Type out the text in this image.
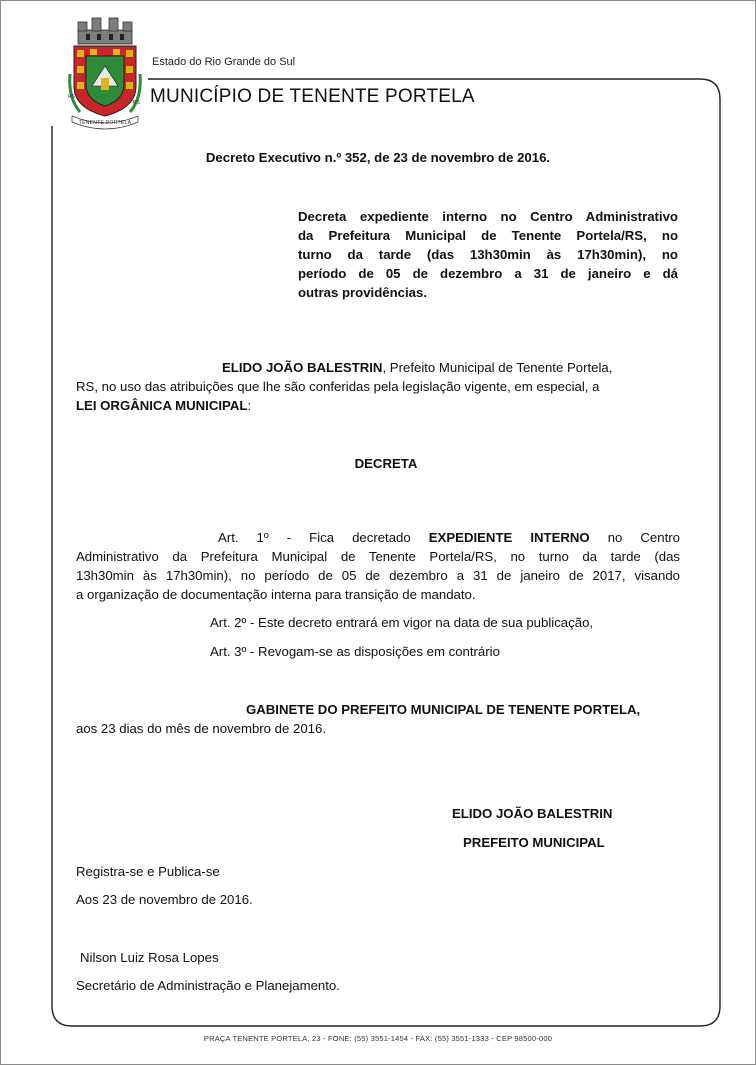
TENENTE PORTELA
RS
RS
Estado do Rio Grande do Sul
MUNICÍPIO DE TENENTE PORTELA
Decreto Executivo n.º 352, de 23 de novembro de 2016.
Decreta expediente interno no Centro Administrativo
da Prefeitura Municipal de Tenente Portela/RS, no
turno da tarde (das 13h30min às 17h30min), no
período de 05 de dezembro a 31 de janeiro e dá
outras providências.
ELIDO JOÃO BALESTRIN, Prefeito Municipal de Tenente Portela,
RS, no uso das atribuições que lhe são conferidas pela legislação vigente, em especial, a
LEI ORGÂNICA MUNICIPAL:
DECRETA
Art. 1º - Fica decretado EXPEDIENTE INTERNO no Centro
Administrativo da Prefeitura Municipal de Tenente Portela/RS, no turno da tarde (das
13h30min às 17h30min), no período de 05 de dezembro a 31 de janeiro de 2017, visando
a organização de documentação interna para transição de mandato.
Art. 2º - Este decreto entrará em vigor na data de sua publicação,
Art. 3º - Revogam-se as disposições em contrário
GABINETE DO PREFEITO MUNICIPAL DE TENENTE PORTELA,
aos 23 dias do mês de novembro de 2016.
ELIDO JOÃO BALESTRIN
PREFEITO MUNICIPAL
Registra-se e Publica-se
Aos 23 de novembro de 2016.
Nilson Luiz Rosa Lopes
Secretário de Administração e Planejamento.
PRAÇA TENENTE PORTELA, 23 - FONE: (55) 3551-1454 - FAX: (55) 3551-1333 - CEP 98500-000
